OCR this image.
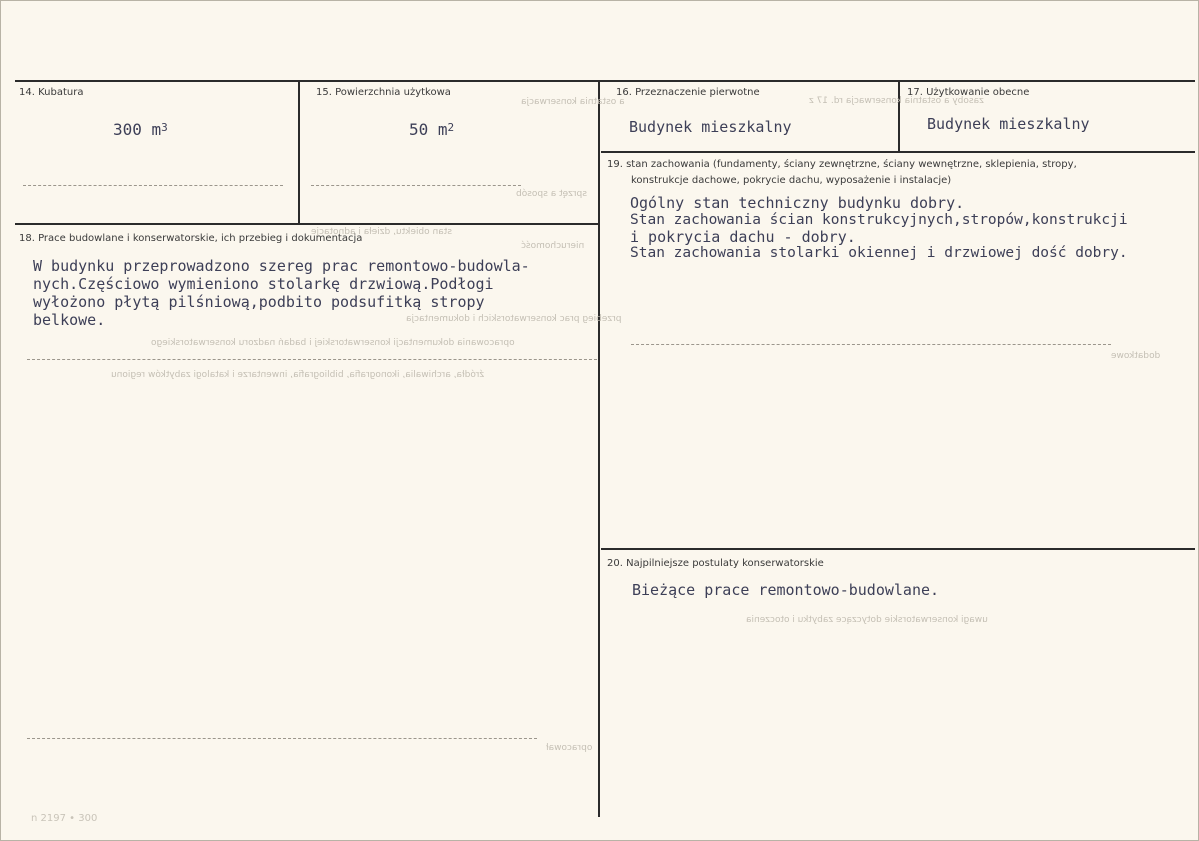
a ostatnia konserwacja	zasoby a ostatnia konserwacja rd. 17 z
sprzęt a sposób
stan obiektu, dzieła i adnotacje
nieruchomość
przebieg prac konserwatorskich i dokumentacja
opracowania dokumentacji konserwatorskiej i badań nadzoru konserwatorskiego
źródła, archiwalia, ikonografia, bibliografia, inwentarze i katalogi zabytków regionu
dodatkowe
uwagi konserwatorskie dotyczące zabytku i otoczenia
opracował
14. Kubatura
300 $m^3$
15. Powierzchnia użytkowa
50 $m^2$
16. Przeznaczenie pierwotne
Budynek mieszkalny
17. Użytkowanie obecne
Budynek mieszkalny
18. Prace budowlane i konserwatorskie, ich przebieg i dokumentacja
W budynku przeprowadzono szereg prac remontowo-budowla-
nych.Częściowo wymieniono stolarkę drzwiową.Podłogi
wyłożono płytą pilśniową,podbito podsufitką stropy
belkowe.
19. stan zachowania (fundamenty, ściany zewnętrzne, ściany wewnętrzne, sklepienia, stropy,
konstrukcje dachowe, pokrycie dachu, wyposażenie i instalacje)
Ogólny stan techniczny budynku dobry.
Stan zachowania ścian konstrukcyjnych,stropów,konstrukcji
i pokrycia dachu - dobry.
Stan zachowania stolarki okiennej i drzwiowej dość dobry.
20. Najpilniejsze postulaty konserwatorskie
Bieżące prace remontowo-budowlane.
n 2197 • 300
